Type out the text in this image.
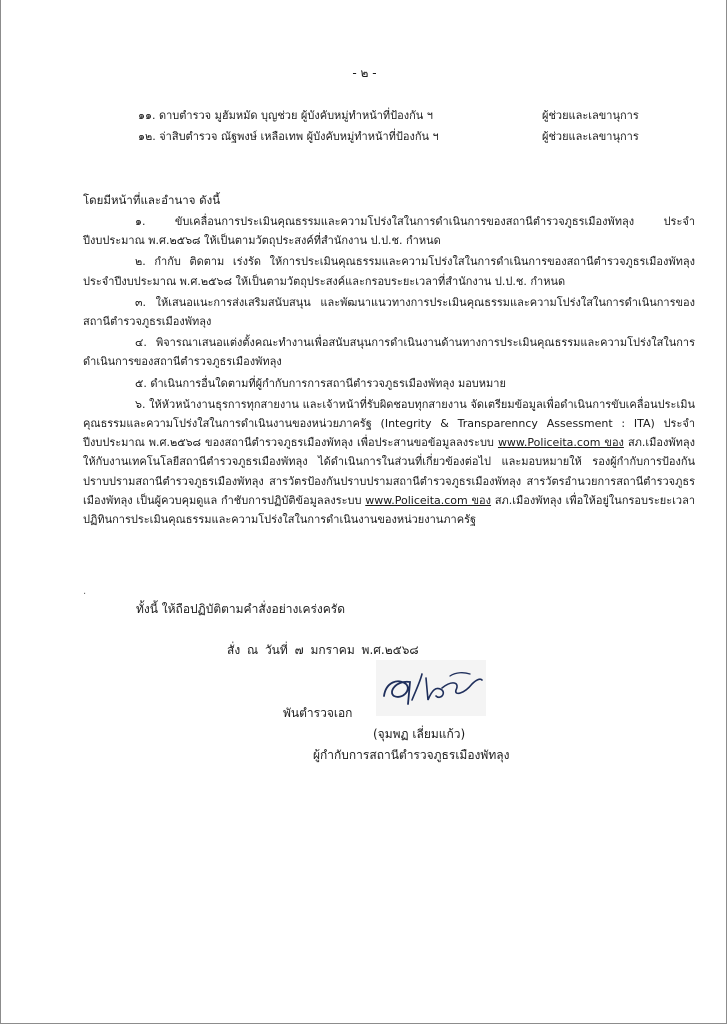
- ๒ -
๑๑. ดาบตำรวจ มูฮัมหมัด บุญช่วย ผู้บังคับหมู่ทำหน้าที่ป้องกัน ฯ	ผู้ช่วยและเลขานุการ
๑๒. จ่าสิบตำรวจ ณัฐพงษ์ เหลือเทพ ผู้บังคับหมู่ทำหน้าที่ป้องกัน ฯ	ผู้ช่วยและเลขานุการ
โดยมีหน้าที่และอำนาจ ดังนี้

๑. ขับเคลื่อนการประเมินคุณธรรมและความโปร่งใสในการดำเนินการของสถานีตำรวจภูธรเมืองพัทลุง ประจำปีงบประมาณ พ.ศ.๒๕๖๘ ให้เป็นตามวัตถุประสงค์ที่สำนักงาน ป.ป.ช. กำหนด

๒. กำกับ ติดตาม เร่งรัด ให้การประเมินคุณธรรมและความโปร่งใสในการดำเนินการของสถานีตำรวจภูธรเมืองพัทลุง ประจำปีงบประมาณ พ.ศ.๒๕๖๘ ให้เป็นตามวัตถุประสงค์และกรอบระยะเวลาที่สำนักงาน ป.ป.ช. กำหนด

๓. ให้เสนอแนะการส่งเสริมสนับสนุน และพัฒนาแนวทางการประเมินคุณธรรมและความโปร่งใสในการดำเนินการของสถานีตำรวจภูธรเมืองพัทลุง

๔. พิจารณาเสนอแต่งตั้งคณะทำงานเพื่อสนับสนุนการดำเนินงานด้านทางการประเมินคุณธรรมและความโปร่งใสในการดำเนินการของสถานีตำรวจภูธรเมืองพัทลุง

๕. ดำเนินการอื่นใดตามที่ผู้กำกับการการสถานีตำรวจภูธรเมืองพัทลุง มอบหมาย

๖. ให้หัวหน้างานธุรการทุกสายงาน และเจ้าหน้าที่รับผิดชอบทุกสายงาน จัดเตรียมข้อมูลเพื่อดำเนินการขับเคลื่อนประเมินคุณธรรมและความโปร่งใสในการดำเนินงานของหน่วยภาครัฐ (Integrity & Transparenncy Assessment : ITA) ประจำปีงบประมาณ พ.ศ.๒๕๖๘ ของสถานีตำรวจภูธรเมืองพัทลุง เพื่อประสานขอข้อมูลลงระบบ www.Policeita.com ของ สภ.เมืองพัทลุง ให้กับงานเทคโนโลยีสถานีตำรวจภูธรเมืองพัทลุง ได้ดำเนินการในส่วนที่เกี่ยวข้องต่อไป และมอบหมายให้ รองผู้กำกับการป้องกันปราบปรามสถานีตำรวจภูธรเมืองพัทลุง สารวัตรป้องกันปราบปรามสถานีตำรวจภูธรเมืองพัทลุง สารวัตรอำนวยการสถานีตำรวจภูธรเมืองพัทลุง เป็นผู้ควบคุมดูแล กำชับการปฏิบัติข้อมูลลงระบบ www.Policeita.com ของ สภ.เมืองพัทลุง เพื่อให้อยู่ในกรอบระยะเวลาปฏิทินการประเมินคุณธรรมและความโปร่งใสในการดำเนินงานของหน่วยงานภาครัฐ

.
ทั้งนี้ ให้ถือปฏิบัติตามคำสั่งอย่างเคร่งครัด
สั่ง ณ วันที่ ๗ มกราคม พ.ศ.๒๕๖๘
พันตำรวจเอก
(จุมพฏ เลี่ยมแก้ว)
ผู้กำกับการสถานีตำรวจภูธรเมืองพัทลุง
